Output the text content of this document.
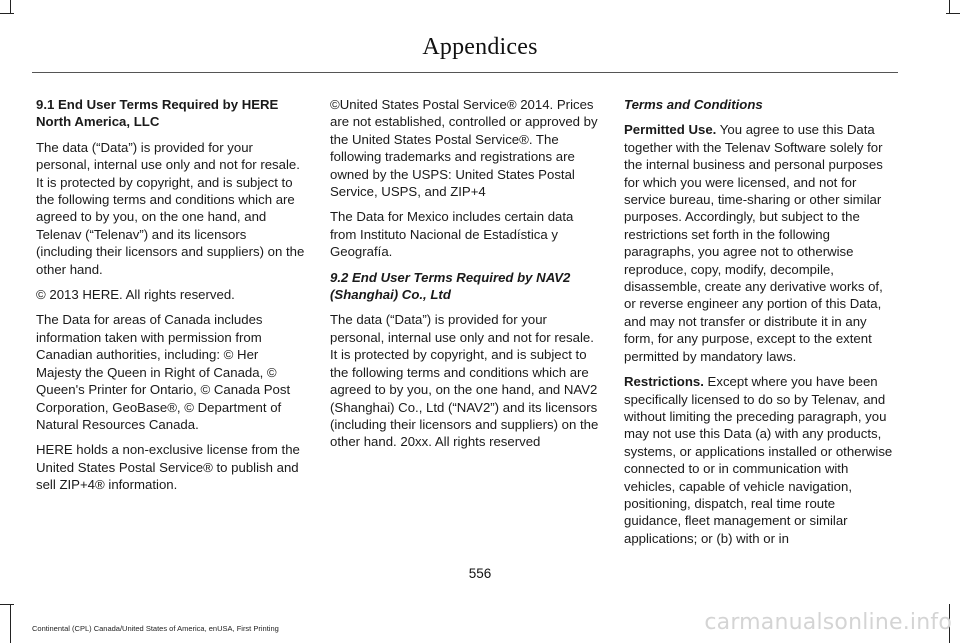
Appendices

9.1 End User Terms Required by HERE North America, LLC

The data (“Data”) is provided for your personal, internal use only and not for resale. It is protected by copyright, and is subject to the following terms and conditions which are agreed to by you, on the one hand, and Telenav (“Telenav”) and its licensors (including their licensors and suppliers) on the other hand.

© 2013 HERE. All rights reserved.

The Data for areas of Canada includes information taken with permission from Canadian authorities, including: © Her Majesty the Queen in Right of Canada, © Queen's Printer for Ontario, © Canada Post Corporation, GeoBase®, © Department of Natural Resources Canada.

HERE holds a non-exclusive license from the United States Postal Service® to publish and sell ZIP+4® information.

©United States Postal Service® 2014. Prices are not established, controlled or approved by the United States Postal Service®. The following trademarks and registrations are owned by the USPS: United States Postal Service, USPS, and ZIP+4

The Data for Mexico includes certain data from Instituto Nacional de Estadística y Geografía.

9.2 End User Terms Required by NAV2 (Shanghai) Co., Ltd

The data (“Data”) is provided for your personal, internal use only and not for resale. It is protected by copyright, and is subject to the following terms and conditions which are agreed to by you, on the one hand, and NAV2 (Shanghai) Co., Ltd (“NAV2”) and its licensors (including their licensors and suppliers) on the other hand. 20xx. All rights reserved

Terms and Conditions

Permitted Use. You agree to use this Data together with the Telenav Software solely for the internal business and personal purposes for which you were licensed, and not for service bureau, time-sharing or other similar purposes. Accordingly, but subject to the restrictions set forth in the following paragraphs, you agree not to otherwise reproduce, copy, modify, decompile, disassemble, create any derivative works of, or reverse engineer any portion of this Data, and may not transfer or distribute it in any form, for any purpose, except to the extent permitted by mandatory laws.

Restrictions. Except where you have been specifically licensed to do so by Telenav, and without limiting the preceding paragraph, you may not use this Data (a) with any products, systems, or applications installed or otherwise connected to or in communication with vehicles, capable of vehicle navigation, positioning, dispatch, real time route guidance, fleet management or similar applications; or (b) with or in

556
Continental (CPL) Canada/United States of America, enUSA, First Printing	carmanualsonline.info
